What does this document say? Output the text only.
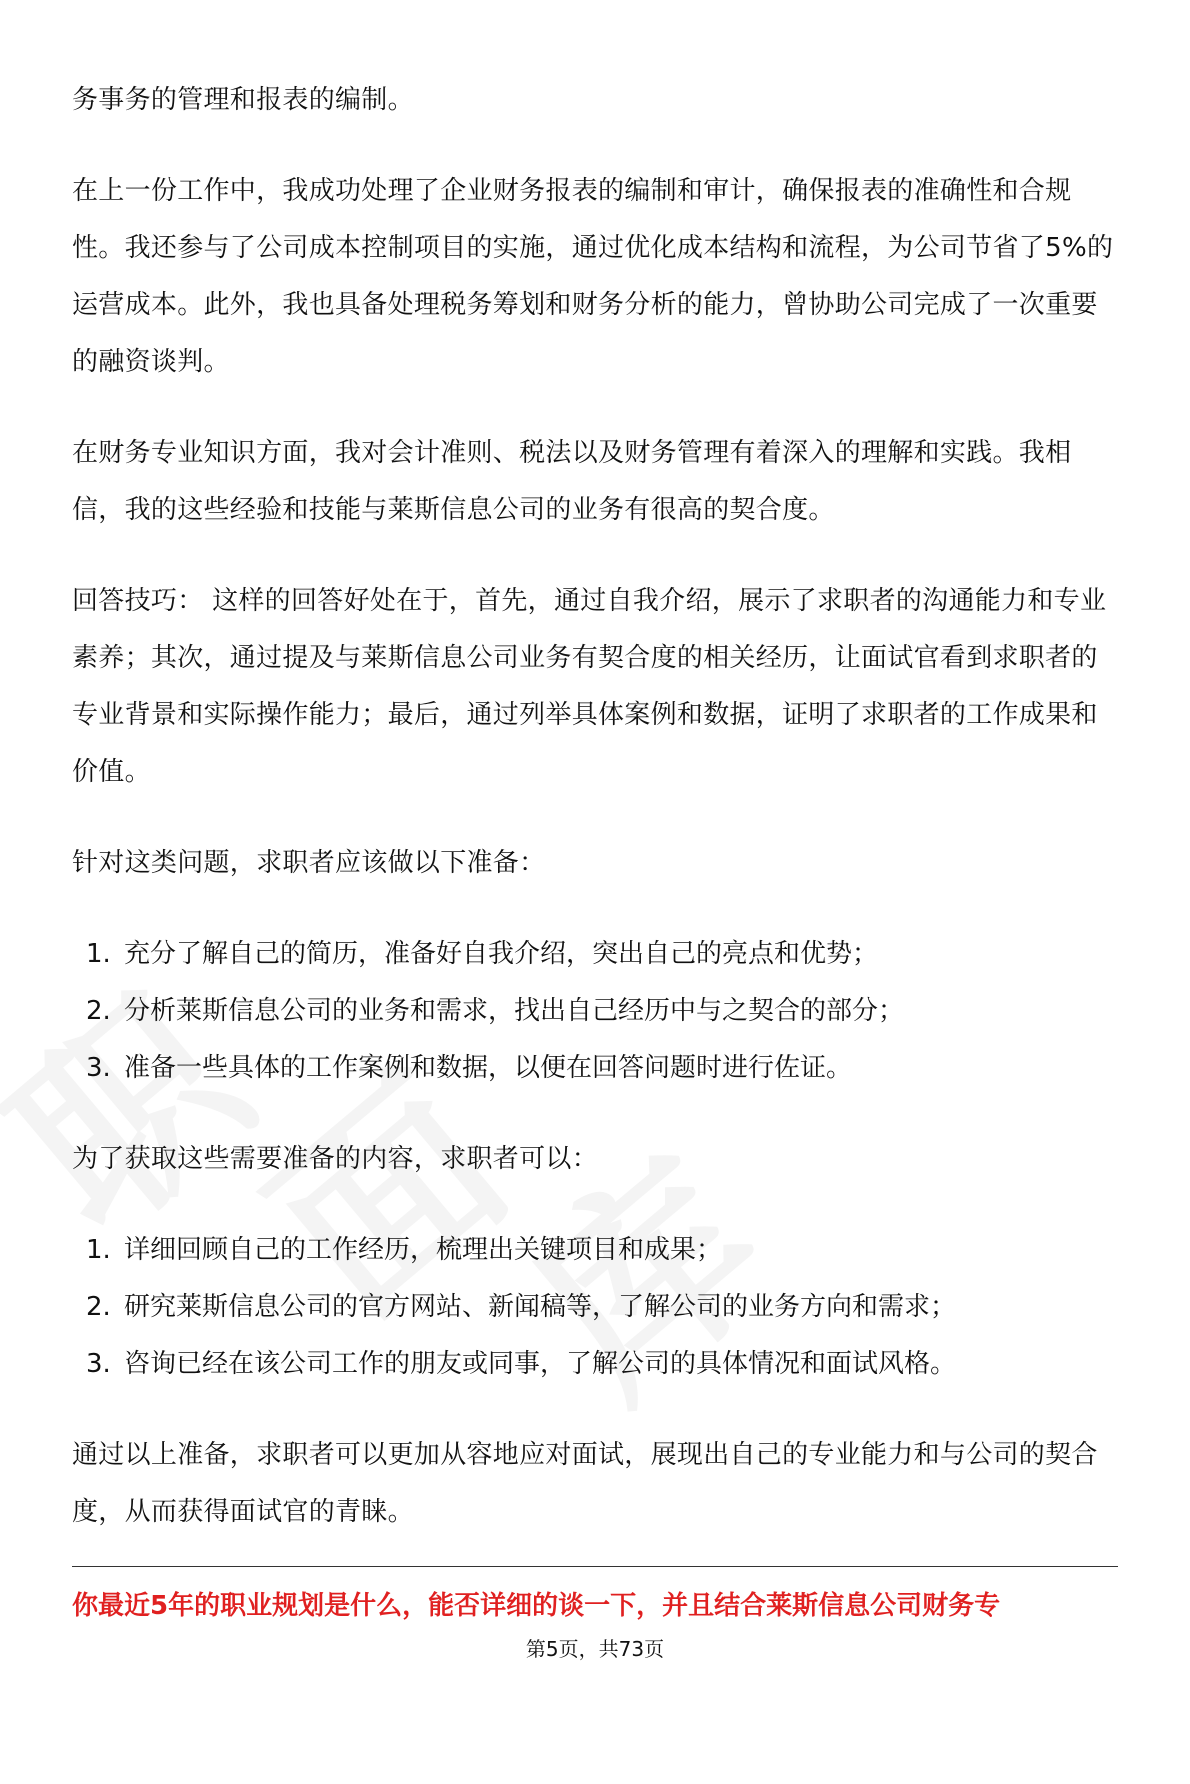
务事务的管理和报表的编制。

在上一份工作中，我成功处理了企业财务报表的编制和审计，确保报表的准确性和合规性。我还参与了公司成本控制项目的实施，通过优化成本结构和流程，为公司节省了5%的运营成本。此外，我也具备处理税务筹划和财务分析的能力，曾协助公司完成了一次重要的融资谈判。

在财务专业知识方面，我对会计准则、税法以及财务管理有着深入的理解和实践。我相信，我的这些经验和技能与莱斯信息公司的业务有很高的契合度。

回答技巧： 这样的回答好处在于，首先，通过自我介绍，展示了求职者的沟通能力和专业素养；其次，通过提及与莱斯信息公司业务有契合度的相关经历，让面试官看到求职者的专业背景和实际操作能力；最后，通过列举具体案例和数据，证明了求职者的工作成果和价值。

针对这类问题，求职者应该做以下准备：

1. 充分了解自己的简历，准备好自我介绍，突出自己的亮点和优势；
2. 分析莱斯信息公司的业务和需求，找出自己经历中与之契合的部分；
3. 准备一些具体的工作案例和数据，以便在回答问题时进行佐证。

为了获取这些需要准备的内容，求职者可以：

1. 详细回顾自己的工作经历，梳理出关键项目和成果；
2. 研究莱斯信息公司的官方网站、新闻稿等，了解公司的业务方向和需求；
3. 咨询已经在该公司工作的朋友或同事，了解公司的具体情况和面试风格。

通过以上准备，求职者可以更加从容地应对面试，展现出自己的专业能力和与公司的契合度，从而获得面试官的青睐。

你最近5年的职业规划是什么，能否详细的谈一下，并且结合莱斯信息公司财务专
第5页，共73页
